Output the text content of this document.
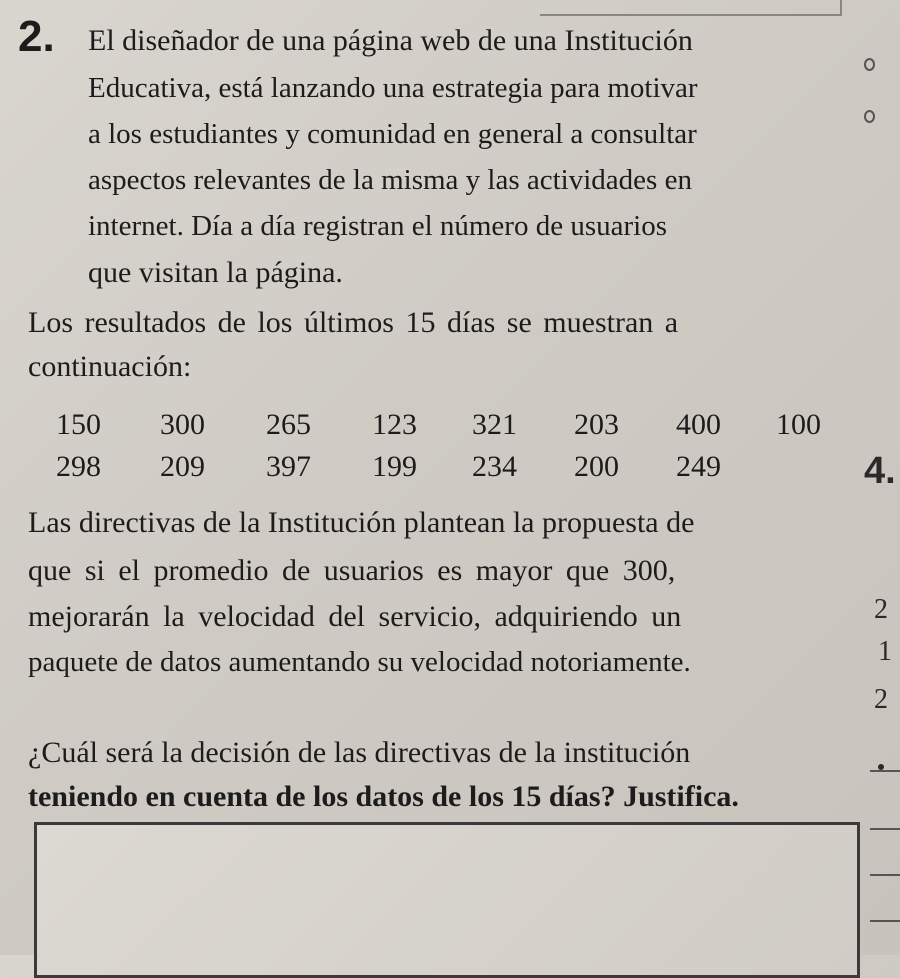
2. El diseñador de una página web de una Institución
Educativa, está lanzando una estrategia para motivar
a los estudiantes y comunidad en general a consultar
aspectos relevantes de la misma y las actividades en
internet. Día a día registran el número de usuarios
que visitan la página.
Los resultados de los últimos 15 días se muestran a
continuación:
150 300 265 123 321 203 400 100
298 209 397 199 234 200 249
Las directivas de la Institución plantean la propuesta de
que si el promedio de usuarios es mayor que 300,
mejorarán la velocidad del servicio, adquiriendo un
paquete de datos aumentando su velocidad notoriamente.
¿Cuál será la decisión de las directivas de la institución
teniendo en cuenta de los datos de los 15 días? Justifica.
4.
2
1
2
